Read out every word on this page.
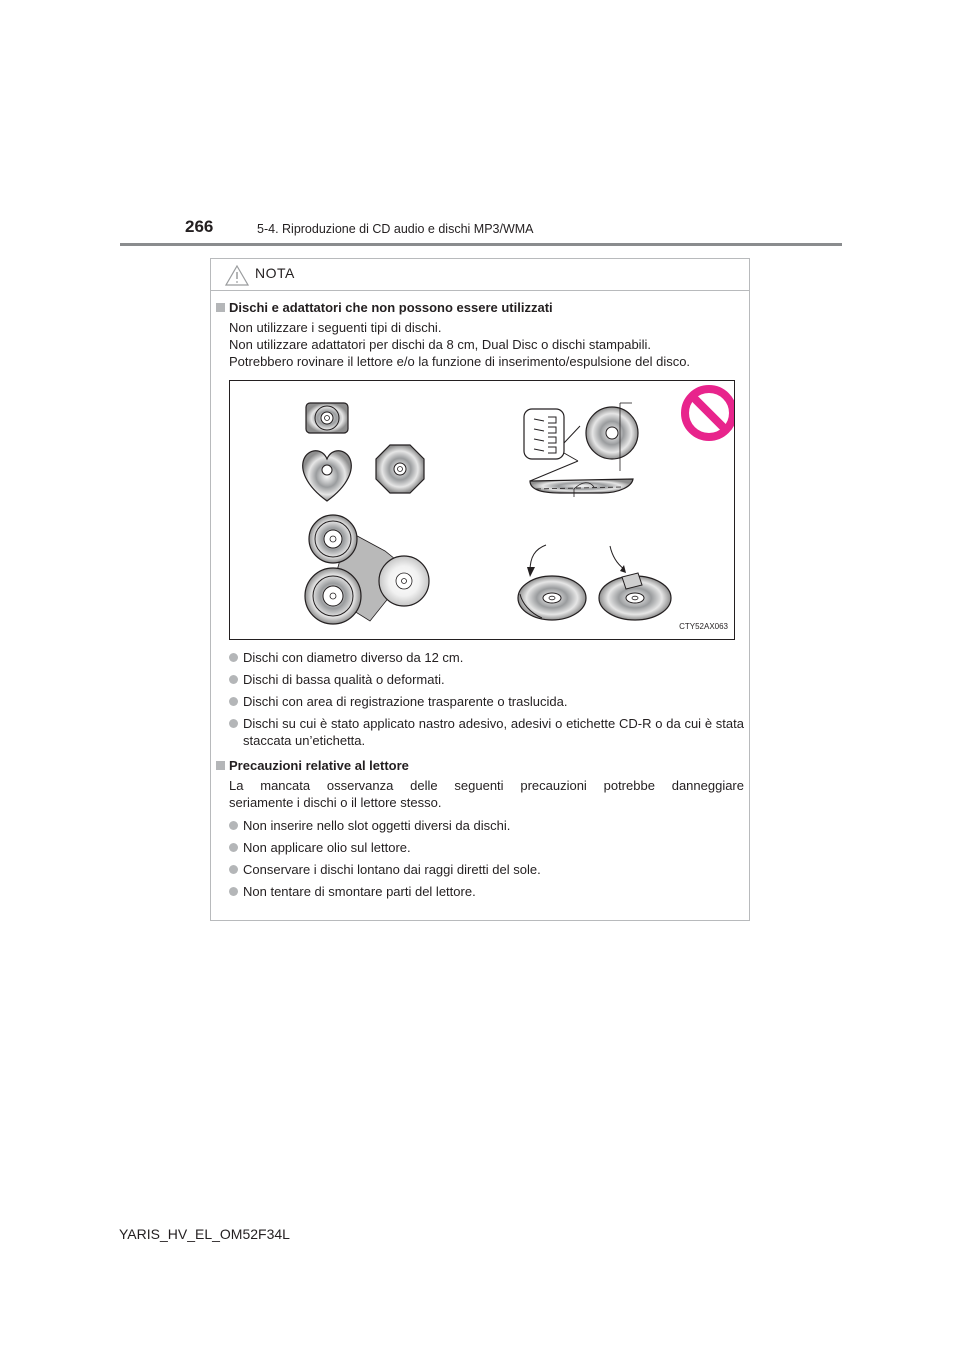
266	5-4. Riproduzione di CD audio e dischi MP3/WMA
NOTA
Dischi e adattatori che non possono essere utilizzati
Non utilizzare i seguenti tipi di dischi.
Non utilizzare adattatori per dischi da 8 cm, Dual Disc o dischi stampabili.
Potrebbero rovinare il lettore e/o la funzione di inserimento/espulsione del disco.
CTY52AX063
Dischi con diametro diverso da 12 cm.
Dischi di bassa qualità o deformati.
Dischi con area di registrazione trasparente o traslucida.
Dischi su cui è stato applicato nastro adesivo, adesivi o etichette CD-R o da cui è stata staccata un’etichetta.
Precauzioni relative al lettore
La mancata osservanza delle seguenti precauzioni potrebbe danneggiare
seriamente i dischi o il lettore stesso.
Non inserire nello slot oggetti diversi da dischi.
Non applicare olio sul lettore.
Conservare i dischi lontano dai raggi diretti del sole.
Non tentare di smontare parti del lettore.
YARIS_HV_EL_OM52F34L
